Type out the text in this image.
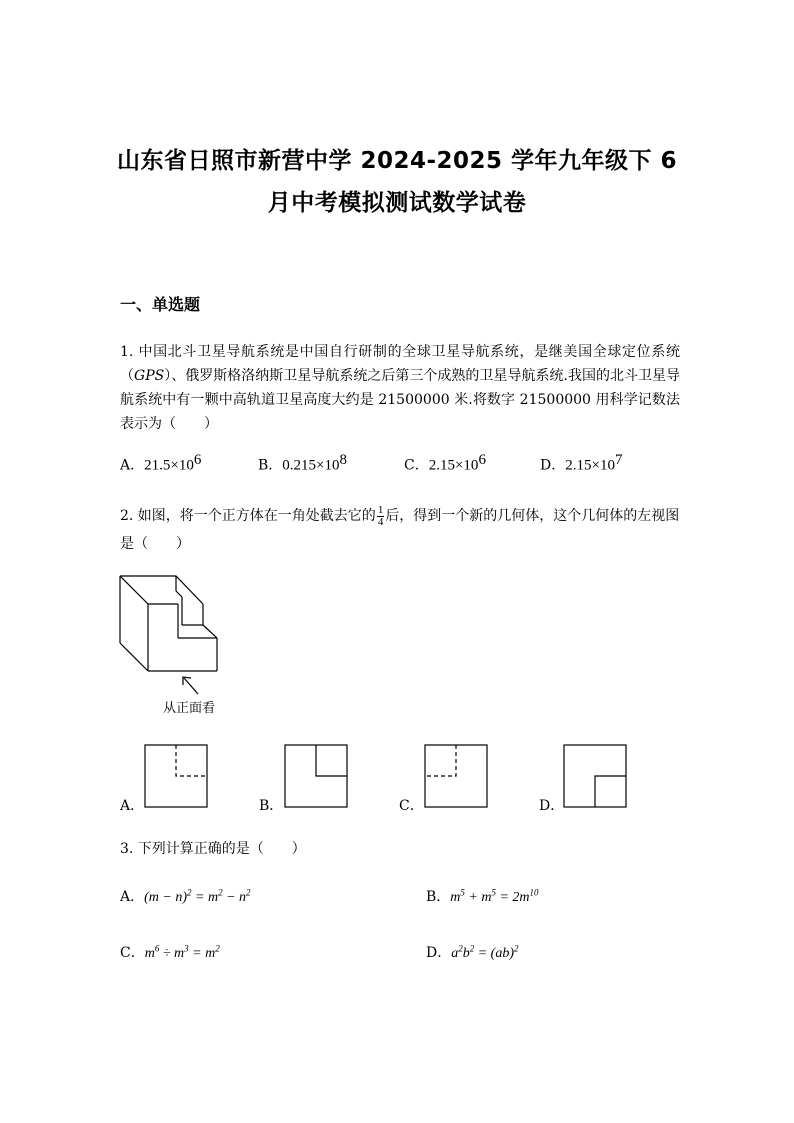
山东省日照市新营中学 2024-2025 学年九年级下 6
月中考模拟测试数学试卷
一、单选题
1. 中国北斗卫星导航系统是中国自行研制的全球卫星导航系统，是继美国全球定位系统（GPS）、俄罗斯格洛纳斯卫星导航系统之后第三个成熟的卫星导航系统.我国的北斗卫星导航系统中有一颗中高轨道卫星高度大约是 21500000 米.将数字 21500000 用科学记数法表示为（　　）
A．$21.5\times 10^6$	B．$0.215\times 10^8$	C．$2.15\times 10^6$	D．$2.15\times 10^7$
2. 如图，将一个正方体在一角处截去它的 $\frac{1}{4}$ 后，得到一个新的几何体，这个几何体的左视图是（　　）
从正面看
A．	B．	C．	D．
3. 下列计算正确的是（　　）
A．$(m - n)^2 = m^2 - n^2$	B．$m^5 + m^5 = 2m^{10}$
C．$m^6 \div m^3 = m^2$	D．$a^2b^2 = (ab)^2$
